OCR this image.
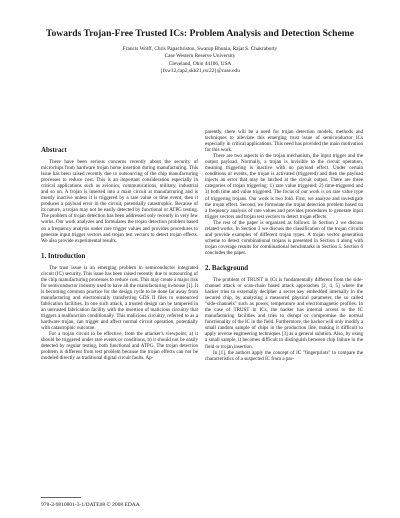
Towards Trojan-Free Trusted ICs: Problem Analysis and Detection Scheme
Francis Wolff, Chris Papachristou, Swarup Bhunia, Rajat S. Chakraborty
Case Western Reserve University
Cleveland, Ohio 44106, USA
{fxw12,cap2,skb21,rsc22}@case.edu
Abstract

There have been serious concerns recently about the security of microchips from hardware trojan horse insertion during manufacturing. This issue has been raised recently due to outsourcing of the chip manufacturing processes to reduce cost. This is an important consideration especially in critical applications such as avionics, communications, military, industrial and so on. A trojan is inserted into a main circuit at manufacturing and is mostly inactive unless it is triggered by a rare value or time event; then it produces a payload error in the circuit, potentially catastrophic. Because of its nature, a trojan may not be easily detected by functional or ATPG testing. The problem of trojan detection has been addressed only recently in very few works. Our work analyzes and formulates the trojan detection problem based on a frequency analysis under rare trigger values and provides procedures to generate input trigger vectors and trojan test vectors to detect trojan effects. We also provide experimental results.

1. Introduction

The trust issue is an emerging problem in semiconductor integrated circuit (IC) security. This issue has been raised recently due to outsourcing of the chip manufacturing processes to reduce cost. This may create a major risk for semiconductor industry used to have all the manufacturing in-house [1]. It is becoming common practice for the design cycle to be done far away from manufacturing and electronically transferring GDS II files to outsourced fabrication facilities. In one such attack, a trusted design can be tampered in an untrusted fabrication facility with the insertion of malicious circuitry that triggers a malfunction conditionally. This malicious circuitry, referred to as a hardware trojan, can trigger and affect normal circuit operation, potentially with catastrophic outcome.

For a trojan circuit to be effective, from the attacker's viewpoint, a) it should be triggered under rare events or conditions, b) it should not be easily detected by regular testing, both functional and ATPG. The trojan detection problem is different from test problem because the trojan effects can not be modeled directly as traditional digital circuit faults. Ap-

parently, there will be a need for trojan detection models, methods and techniques to alleviate this emerging trust issue of semiconductor ICs especially in critical applications. This need has provided the main motivation for this work.

There are two aspects in the trojan mechanism, the input trigger and the output payload. Normally, a trojan is invisible to the circuit operation, meaning triggering is inactive with no payload effect. Under certain conditions or events, the trojan is activated (triggered) and then the payload injects an error that may be latched at the circuit output. There are three categories of trojan triggering: 1) rare value triggered; 2) time-triggered and 3) both time and value triggered. The focus of our work is on rare value type of triggering trojans. Our work is two fold. First, we analyze and investigate the trojan effect. Second, we formulate the trojan detection problem based on a frequency analysis of rare values and provides procedures to generate input trigger vectors and trojan test vectors to detect trojan effects.

The rest of the paper is organized as follows. In Section 2 we discuss related works. In Section 3 we discuss the classification of the trojan circuits and provide examples of different trojan types. A trojan vector generation scheme to detect combinational trojans is presented in Section 4 along with trojan coverage results for combinational benchmarks in Section 5. Section 6 concludes the paper.

2. Background

The problem of TRUST in ICs is fundamentally different from the side-channel attack or scan-chain based attack approaches [2, 4, 5] where the hacker tries to externally decipher a secret key embedded internally in the secured chip, by analyzing a measured physical parameter, the so called "side-channels" such as power, temperature and electromagnetic profiles. In the case of TRUST in ICs, the hacker has internal access to the IC manufacturing facilities and tries to disrupt or compromise the normal functionality of the IC in the field. Furthermore, the hacker will only modify a small random sample of chips in the production line, making it difficult to apply reverse engineering techniques [3] as a general solution. Also, by using a small sample, it becomes difficult to distinguish between chip failure in the field or trojan insertion.

In [1], the authors apply the concept of IC "fingerprints" to compare the characteristics of a suspected IC from a par-

978-3-9810801-3-1/DATE08 © 2008 EDAA
